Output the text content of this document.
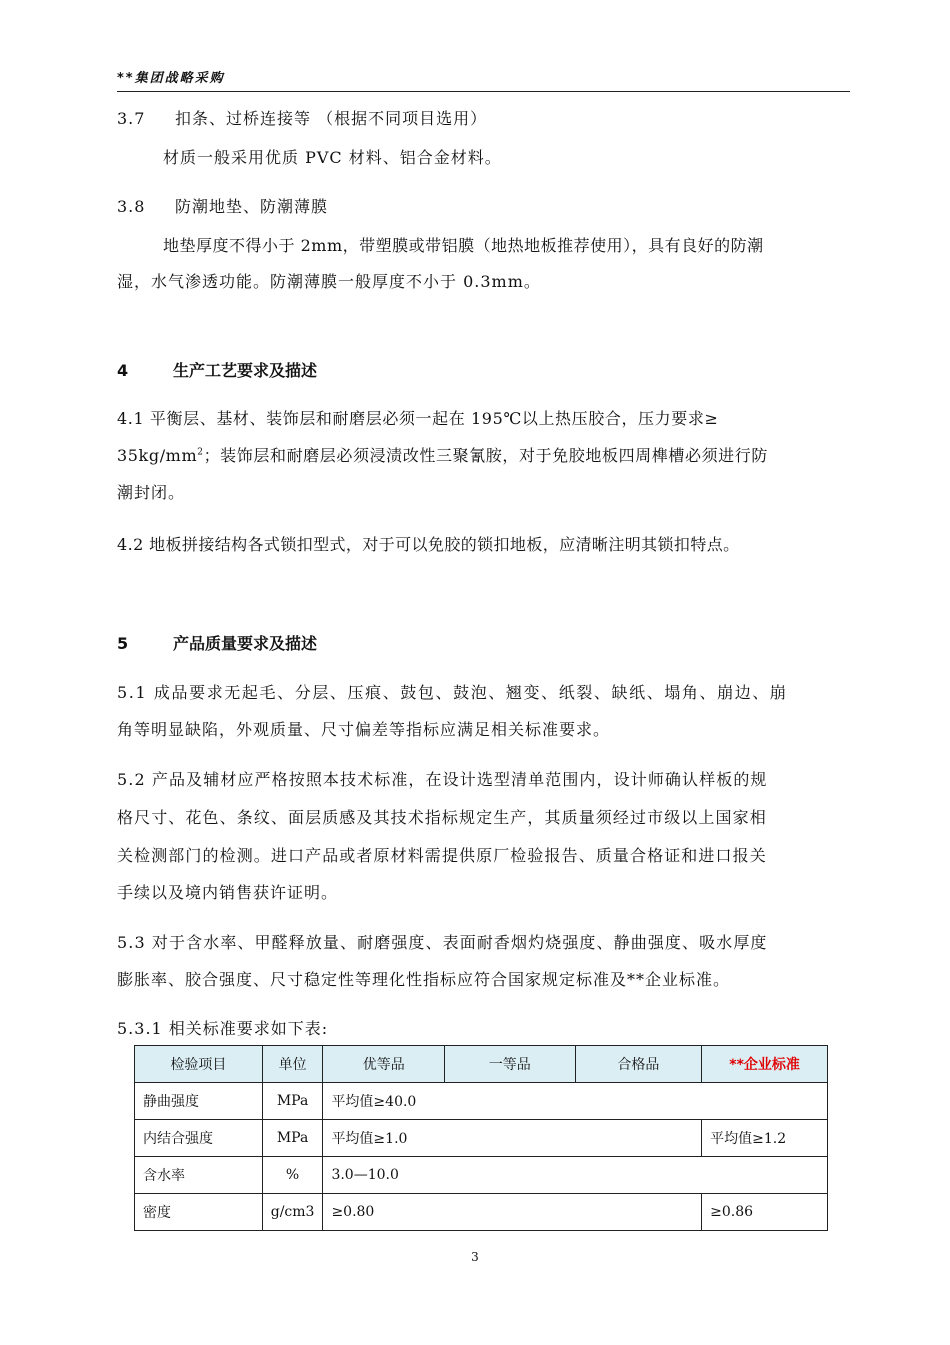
**集团战略采购
3.7 扣条、过桥连接等 （根据不同项目选用）
材质一般采用优质 PVC 材料、铝合金材料。
3.8 防潮地垫、防潮薄膜
地垫厚度不得小于 2mm，带塑膜或带铝膜（地热地板推荐使用），具有良好的防潮
湿，水气渗透功能。防潮薄膜一般厚度不小于 0.3mm。
4	生产工艺要求及描述
4.1 平衡层、基材、装饰层和耐磨层必须一起在 195℃以上热压胶合，压力要求≥
$35kg/mm^2$；装饰层和耐磨层必须浸渍改性三聚氰胺，对于免胶地板四周榫槽必须进行防
潮封闭。
4.2 地板拼接结构各式锁扣型式，对于可以免胶的锁扣地板，应清晰注明其锁扣特点。
5	产品质量要求及描述
5.1 成品要求无起毛、分层、压痕、鼓包、鼓泡、翘变、纸裂、缺纸、塌角、崩边、崩
角等明显缺陷，外观质量、尺寸偏差等指标应满足相关标准要求。
5.2 产品及辅材应严格按照本技术标准，在设计选型清单范围内，设计师确认样板的规
格尺寸、花色、条纹、面层质感及其技术指标规定生产，其质量须经过市级以上国家相
关检测部门的检测。进口产品或者原材料需提供原厂检验报告、质量合格证和进口报关
手续以及境内销售获许证明。
5.3 对于含水率、甲醛释放量、耐磨强度、表面耐香烟灼烧强度、静曲强度、吸水厚度
膨胀率、胶合强度、尺寸稳定性等理化性指标应符合国家规定标准及**企业标准。
5.3.1 相关标准要求如下表:
检验项目	单位	优等品	一等品	合格品	**企业标准
静曲强度	MPa	平均值≥40.0			
内结合强度	MPa	平均值≥1.0			平均值≥1.2
含水率	%	3.0—10.0			
密度	g/cm3	≥0.80			≥0.86
3
